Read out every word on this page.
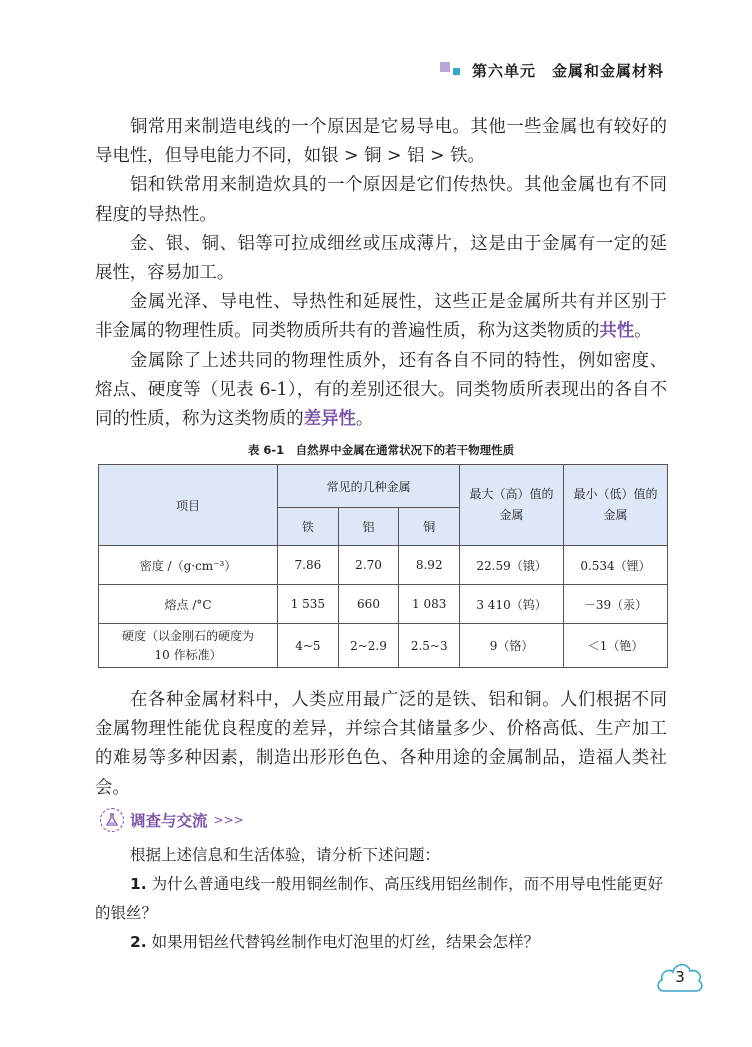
第六单元 金属和金属材料

铜常用来制造电线的一个原因是它易导电。其他一些金属也有较好的导电性，但导电能力不同，如银 > 铜 > 铝 > 铁。

铝和铁常用来制造炊具的一个原因是它们传热快。其他金属也有不同程度的导热性。

金、银、铜、铝等可拉成细丝或压成薄片，这是由于金属有一定的延展性，容易加工。

金属光泽、导电性、导热性和延展性，这些正是金属所共有并区别于非金属的物理性质。同类物质所共有的普遍性质，称为这类物质的共性。

金属除了上述共同的物理性质外，还有各自不同的特性，例如密度、熔点、硬度等（见表 6-1），有的差别还很大。同类物质所表现出的各自不同的性质，称为这类物质的差异性。

表 6-1　自然界中金属在通常状况下的若干物理性质
项目	常见的几种金属			最大（高）值的金属	最小（低）值的金属
	铁	铝	铜		
密度 /（g·cm⁻³）	7.86	2.70	8.92	22.59（锇）	0.534（锂）
熔点 /°C	1 535	660	1 083	3 410（钨）	－39（汞）
硬度（以金刚石的硬度为 10 作标准）	4~5	2~2.9	2.5~3	9（铬）	＜1（铯）

在各种金属材料中，人类应用最广泛的是铁、铝和铜。人们根据不同金属物理性能优良程度的差异，并综合其储量多少、价格高低、生产加工的难易等多种因素，制造出形形色色、各种用途的金属制品，造福人类社会。

调查与交流 >>>

根据上述信息和生活体验，请分析下述问题：

1. 为什么普通电线一般用铜丝制作、高压线用铝丝制作，而不用导电性能更好的银丝？

2. 如果用铝丝代替钨丝制作电灯泡里的灯丝，结果会怎样？

3
